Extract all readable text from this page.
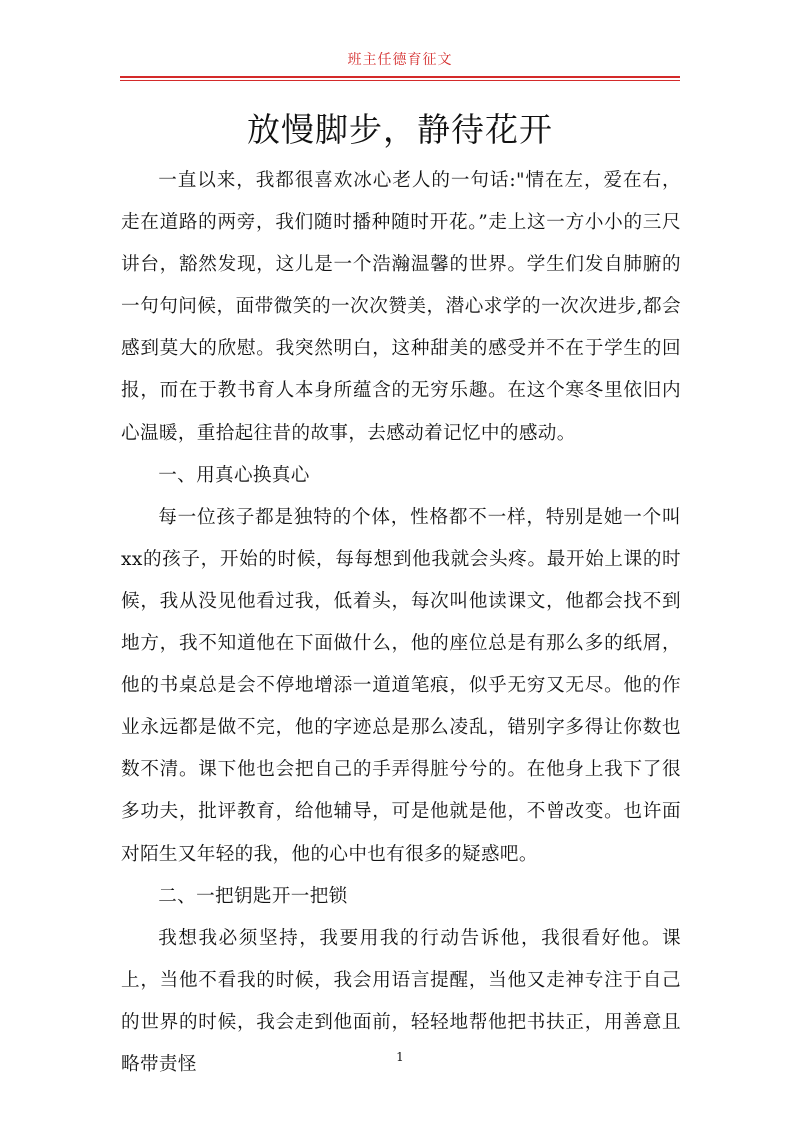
班主任德育征文
放慢脚步，静待花开

一直以来，我都很喜欢冰心老人的一句话:"情在左，爱在右，走在道路的两旁，我们随时播种随时开花。”走上这一方小小的三尺讲台，豁然发现，这儿是一个浩瀚温馨的世界。学生们发自肺腑的一句句问候，面带微笑的一次次赞美，潜心求学的一次次进步,都会感到莫大的欣慰。我突然明白，这种甜美的感受并不在于学生的回报，而在于教书育人本身所蕴含的无穷乐趣。在这个寒冬里依旧内心温暖，重拾起往昔的故事，去感动着记忆中的感动。

一、用真心换真心

每一位孩子都是独特的个体，性格都不一样，特别是她一个叫xx的孩子，开始的时候，每每想到他我就会头疼。最开始上课的时候，我从没见他看过我，低着头，每次叫他读课文，他都会找不到地方，我不知道他在下面做什么，他的座位总是有那么多的纸屑，他的书桌总是会不停地增添一道道笔痕，似乎无穷又无尽。他的作业永远都是做不完，他的字迹总是那么凌乱，错别字多得让你数也数不清。课下他也会把自己的手弄得脏兮兮的。在他身上我下了很多功夫，批评教育，给他辅导，可是他就是他，不曾改变。也许面对陌生又年轻的我，他的心中也有很多的疑惑吧。

二、一把钥匙开一把锁

我想我必须坚持，我要用我的行动告诉他，我很看好他。课上，当他不看我的时候，我会用语言提醒，当他又走神专注于自己的世界的时候，我会走到他面前，轻轻地帮他把书扶正，用善意且略带责怪	1
